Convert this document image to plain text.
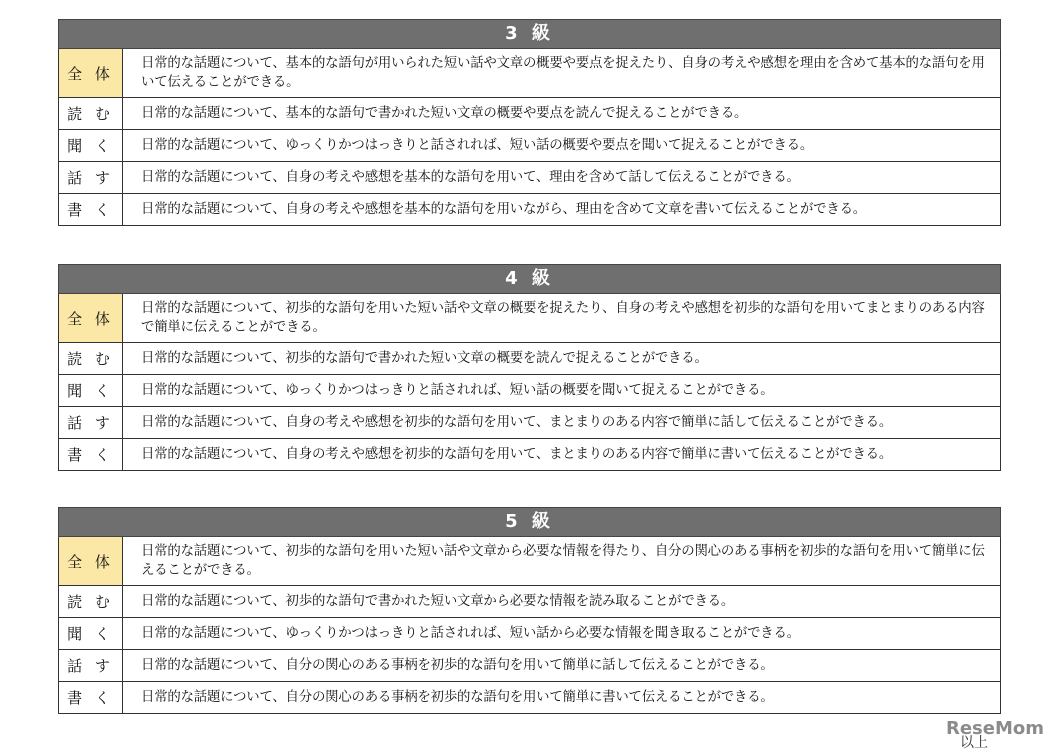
3 級	
全 体	日常的な話題について、基本的な語句が用いられた短い話や文章の概要や要点を捉えたり、自身の考えや感想を理由を含めて基本的な語句を用いて伝えることができる。
読 む	日常的な話題について、基本的な語句で書かれた短い文章の概要や要点を読んで捉えることができる。
聞 く	日常的な話題について、ゆっくりかつはっきりと話されれば、短い話の概要や要点を聞いて捉えることができる。
話 す	日常的な話題について、自身の考えや感想を基本的な語句を用いて、理由を含めて話して伝えることができる。
書 く	日常的な話題について、自身の考えや感想を基本的な語句を用いながら、理由を含めて文章を書いて伝えることができる。
4 級	
全 体	日常的な話題について、初歩的な語句を用いた短い話や文章の概要を捉えたり、自身の考えや感想を初歩的な語句を用いてまとまりのある内容で簡単に伝えることができる。
読 む	日常的な話題について、初歩的な語句で書かれた短い文章の概要を読んで捉えることができる。
聞 く	日常的な話題について、ゆっくりかつはっきりと話されれば、短い話の概要を聞いて捉えることができる。
話 す	日常的な話題について、自身の考えや感想を初歩的な語句を用いて、まとまりのある内容で簡単に話して伝えることができる。
書 く	日常的な話題について、自身の考えや感想を初歩的な語句を用いて、まとまりのある内容で簡単に書いて伝えることができる。
5 級	
全 体	日常的な話題について、初歩的な語句を用いた短い話や文章から必要な情報を得たり、自分の関心のある事柄を初歩的な語句を用いて簡単に伝えることができる。
読 む	日常的な話題について、初歩的な語句で書かれた短い文章から必要な情報を読み取ることができる。
聞 く	日常的な話題について、ゆっくりかつはっきりと話されれば、短い話から必要な情報を聞き取ることができる。
話 す	日常的な話題について、自分の関心のある事柄を初歩的な語句を用いて簡単に話して伝えることができる。
書 く	日常的な話題について、自分の関心のある事柄を初歩的な語句を用いて簡単に書いて伝えることができる。
以上
ReseMom
